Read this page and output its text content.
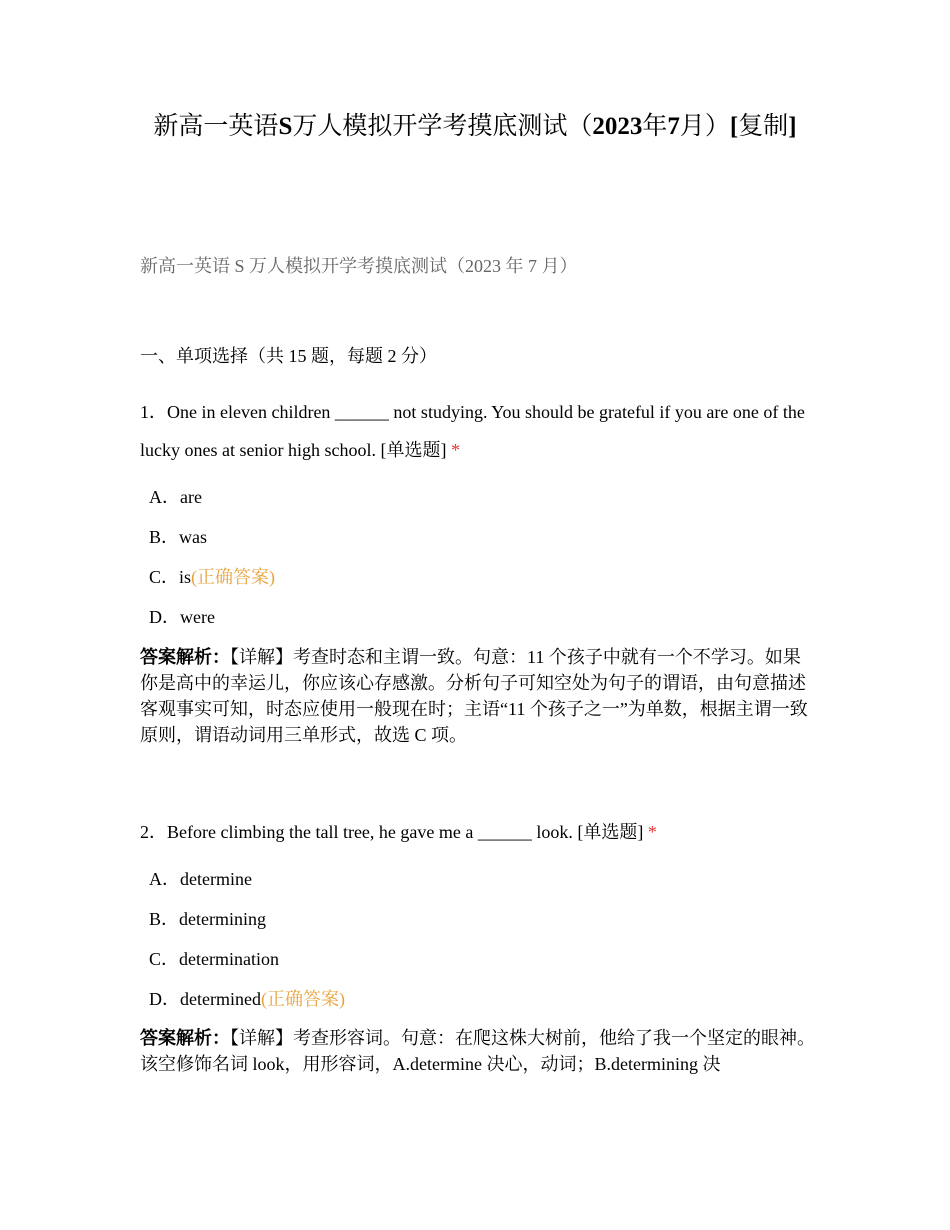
新高一英语S万人模拟开学考摸底测试（2023年7月）[复制]
新高一英语 S 万人模拟开学考摸底测试（2023 年 7 月）
一、单项选择（共 15 题，每题 2 分）
1．One in eleven children ______ not studying. You should be grateful if you are one of the lucky ones at senior high school. [单选题] *
A．are
B．was
C．is(正确答案)
D．were
答案解析：【详解】考查时态和主谓一致。句意：11 个孩子中就有一个不学习。如果你是高中的幸运儿，你应该心存感激。分析句子可知空处为句子的谓语，由句意描述客观事实可知，时态应使用一般现在时；主语“11 个孩子之一”为单数，根据主谓一致原则，谓语动词用三单形式，故选 C 项。
2．Before climbing the tall tree, he gave me a ______ look. [单选题] *
A．determine
B．determining
C．determination
D．determined(正确答案)
答案解析：【详解】考查形容词。句意：在爬这株大树前，他给了我一个坚定的眼神。该空修饰名词 look，用形容词，A.determine 决心，动词；B.determining 决
